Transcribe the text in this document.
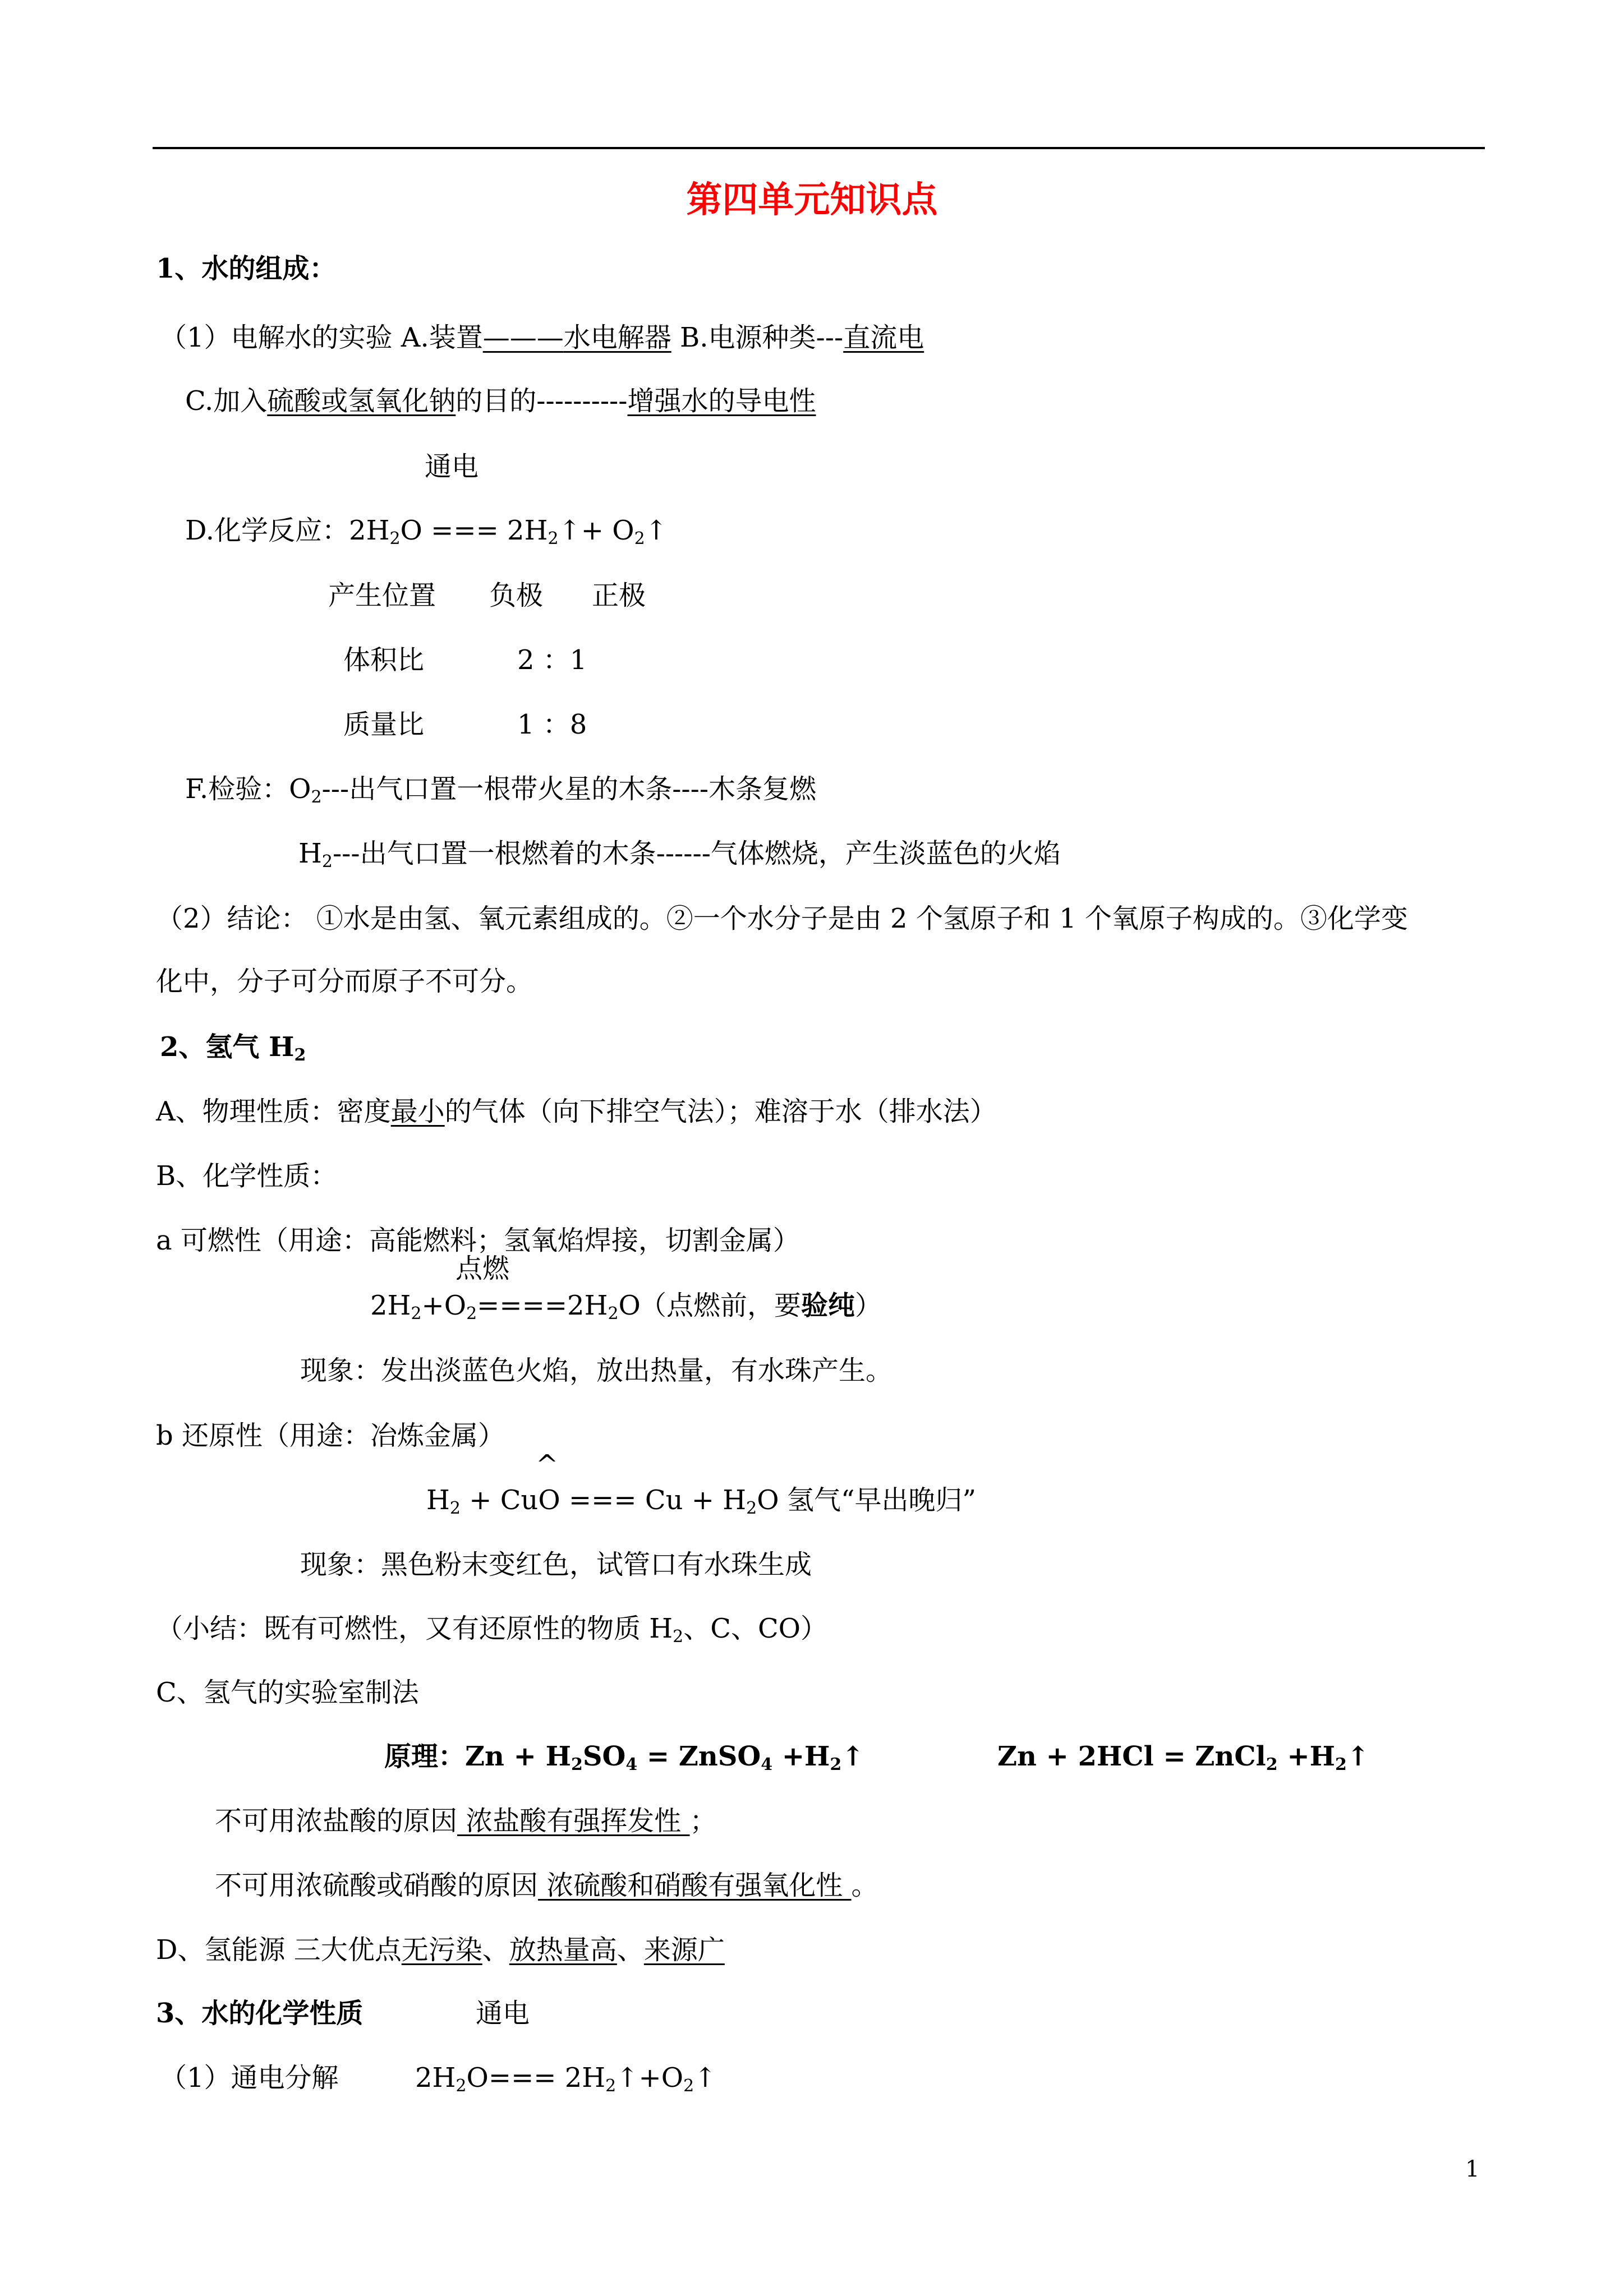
第四单元知识点
1、水的组成：
（1）电解水的实验 A.装置———水电解器 B.电源种类---直流电
C.加入硫酸或氢氧化钠的目的----------增强水的导电性
通电
D.化学反应：$2H_2O$ === $2H_2↑+$ $O_2↑$
产生位置 负极 正极
体积比	2 ：1
质量比	1 ：8
F.检验：$O_2---$出气口置一根带火星的木条----木条复燃
$H_2---$出气口置一根燃着的木条------气体燃烧，产生淡蓝色的火焰
（2）结论： ①水是由氢、氧元素组成的。②一个水分子是由 2 个氢原子和 1 个氧原子构成的。③化学变
化中，分子可分而原子不可分。
2、氢气 $H_2$
A、物理性质：密度最小的气体（向下排空气法）；难溶于水（排水法）
B、化学性质：
a 可燃性（用途：高能燃料；氢氧焰焊接，切割金属）
点燃
$2H_2+O_2====2H_2O$
（点燃前，要验纯）
现象：发出淡蓝色火焰，放出热量，有水珠产生。
b 还原性（用途：冶炼金属）
^
$H_2$ + CuO === $Cu + H_2O$ 氢气“早出晚归”
现象：黑色粉末变红色，试管口有水珠生成
（小结：既有可燃性，又有还原性的物质 $H_2$、C、CO）
C、氢气的实验室制法
原理：$Zn + H_2SO_4$ = ZnSO$_4$ $+H_2↑$	Zn + 2HCl = ZnCl$_2$ $+H_2↑$
不可用浓盐酸的原因 浓盐酸有强挥发性 ；
不可用浓硫酸或硝酸的原因 浓硫酸和硝酸有强氧化性 。
D、氢能源 三大优点无污染、放热量高、来源广
3、水的化学性质	通电
（1）通电分解	$2H_2O===$ $2H_2↑+O_2↑$
1
